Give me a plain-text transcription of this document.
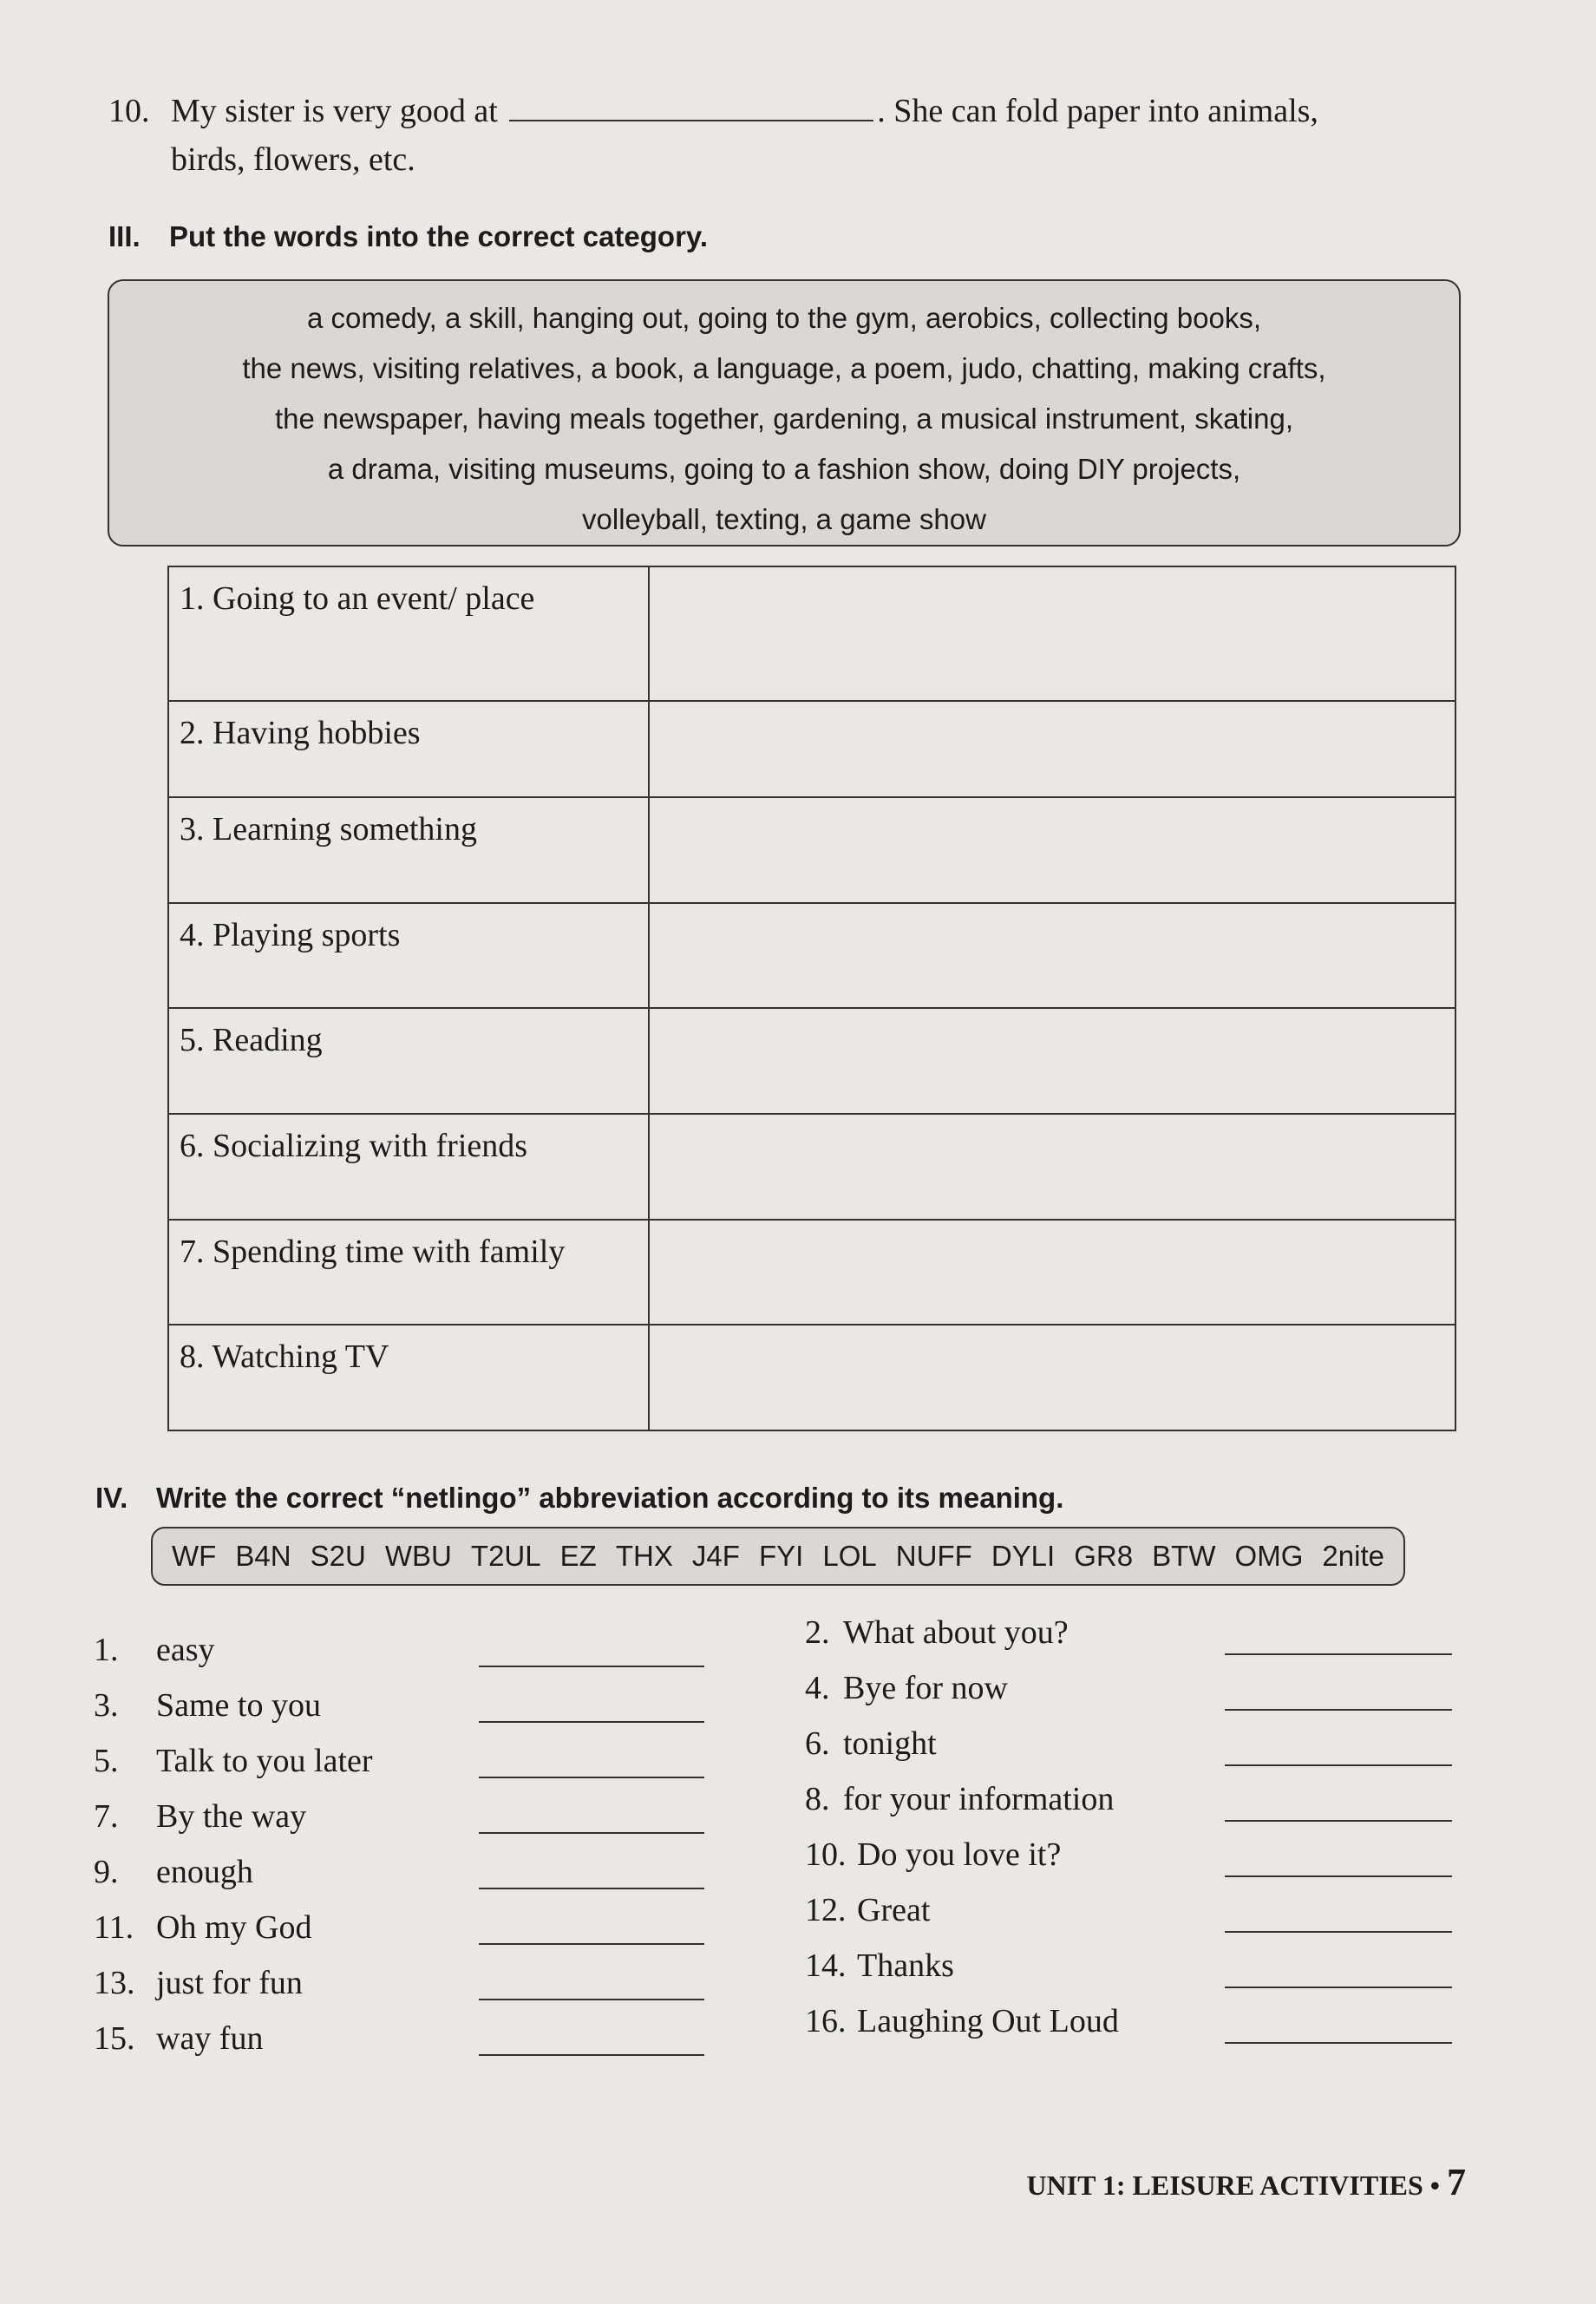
10. My sister is very good at	. She can fold paper into animals,
birds, flowers, etc.
III. Put the words into the correct category.
a comedy, a skill, hanging out, going to the gym, aerobics, collecting books,
the news, visiting relatives, a book, a language, a poem, judo, chatting, making crafts,
the newspaper, having meals together, gardening, a musical instrument, skating,
a drama, visiting museums, going to a fashion show, doing DIY projects,
volleyball, texting, a game show
1. Going to an event/ place	
2. Having hobbies	
3. Learning something	
4. Playing sports	
5. Reading	
6. Socializing with friends	
7. Spending time with family	
8. Watching TV	
IV. Write the correct “netlingo” abbreviation according to its meaning.
WF B4N S2U WBU T2UL EZ THX J4F FYI LOL NUFF DYLI GR8 BTW OMG 2nite
1. easy
3. Same to you
5. Talk to you later
7. By the way
9. enough
11. Oh my God
13. just for fun
15. way fun
2. What about you?
4. Bye for now
6. tonight
8. for your information
10. Do you love it?
12. Great
14. Thanks
16. Laughing Out Loud
UNIT 1: LEISURE ACTIVITIES • 7
